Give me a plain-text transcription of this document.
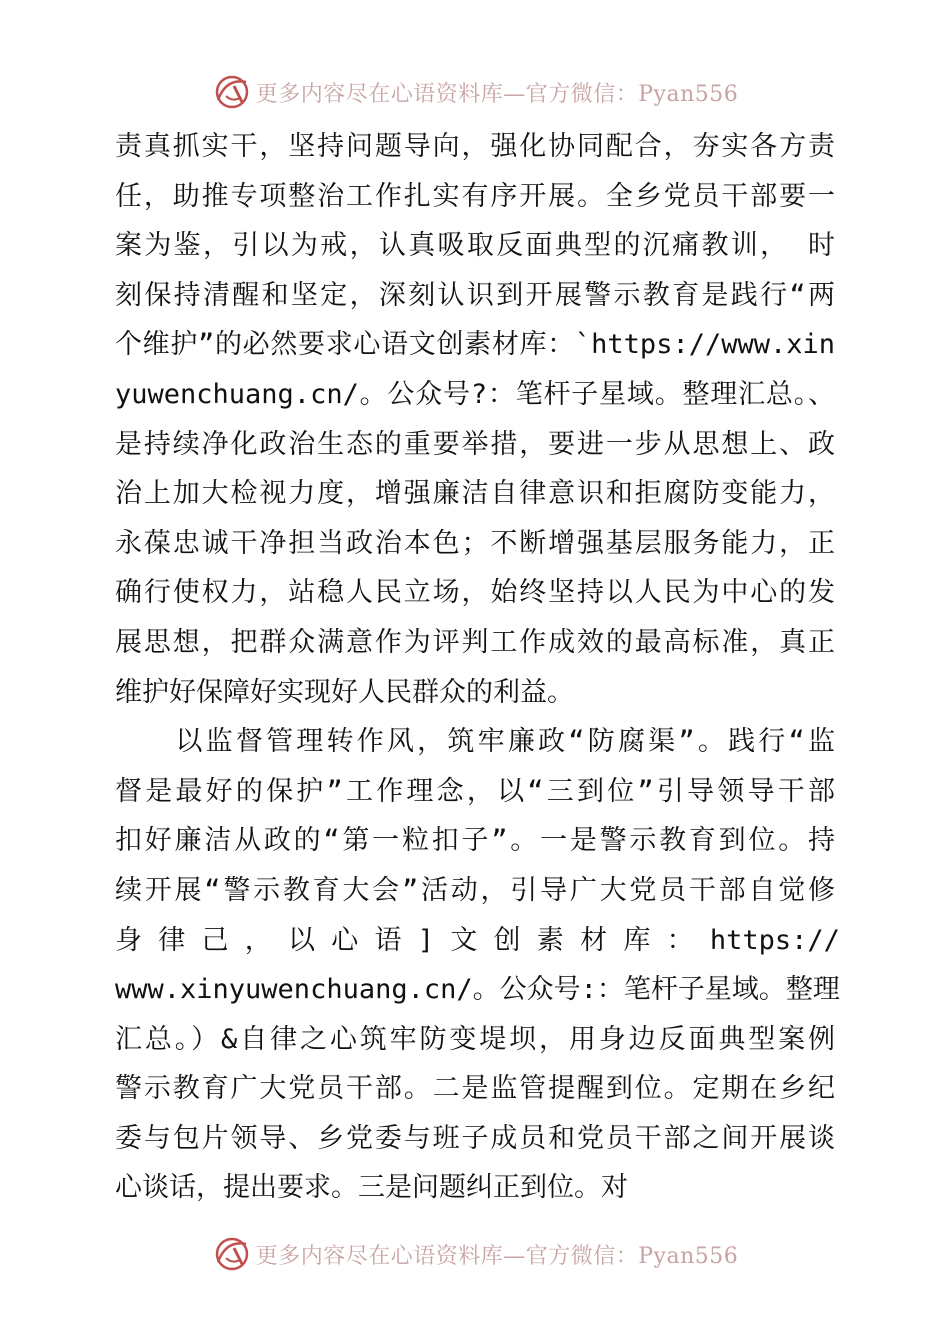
更多内容尽在心语资料库—官方微信：Pyan556
责真抓实干，坚持问题导向，强化协同配合，夯实各方责
任，助推专项整治工作扎实有序开展。全乡党员干部要一
案为鉴，引以为戒，认真吸取反面典型的沉痛教训， 时
刻保持清醒和坚定，深刻认识到开展警示教育是践行“两
个维护”的必然要求心语文创素材库：`https://www.xin
yuwenchuang.cn/。公众号?：笔杆子星域。整理汇总。、
是持续净化政治生态的重要举措，要进一步从思想上、政
治上加大检视力度，增强廉洁自律意识和拒腐防变能力，
永葆忠诚干净担当政治本色；不断增强基层服务能力，正
确行使权力，站稳人民立场，始终坚持以人民为中心的发
展思想，把群众满意作为评判工作成效的最高标准，真正
维护好保障好实现好人民群众的利益。
　　以监督管理转作风，筑牢廉政“防腐渠”。践行“监
督是最好的保护”工作理念，以“三到位”引导领导干部
扣好廉洁从政的“第一粒扣子”。一是警示教育到位。持
续开展“警示教育大会”活动，引导广大党员干部自觉修
身 律 己 ， 以 心 语 ] 文 创 素 材 库 ： https://
www.xinyuwenchuang.cn/。公众号:：笔杆子星域。整理
汇总。）&自律之心筑牢防变堤坝，用身边反面典型案例
警示教育广大党员干部。二是监管提醒到位。定期在乡纪
委与包片领导、乡党委与班子成员和党员干部之间开展谈
心谈话，提出要求。三是问题纠正到位。对
更多内容尽在心语资料库—官方微信：Pyan556
